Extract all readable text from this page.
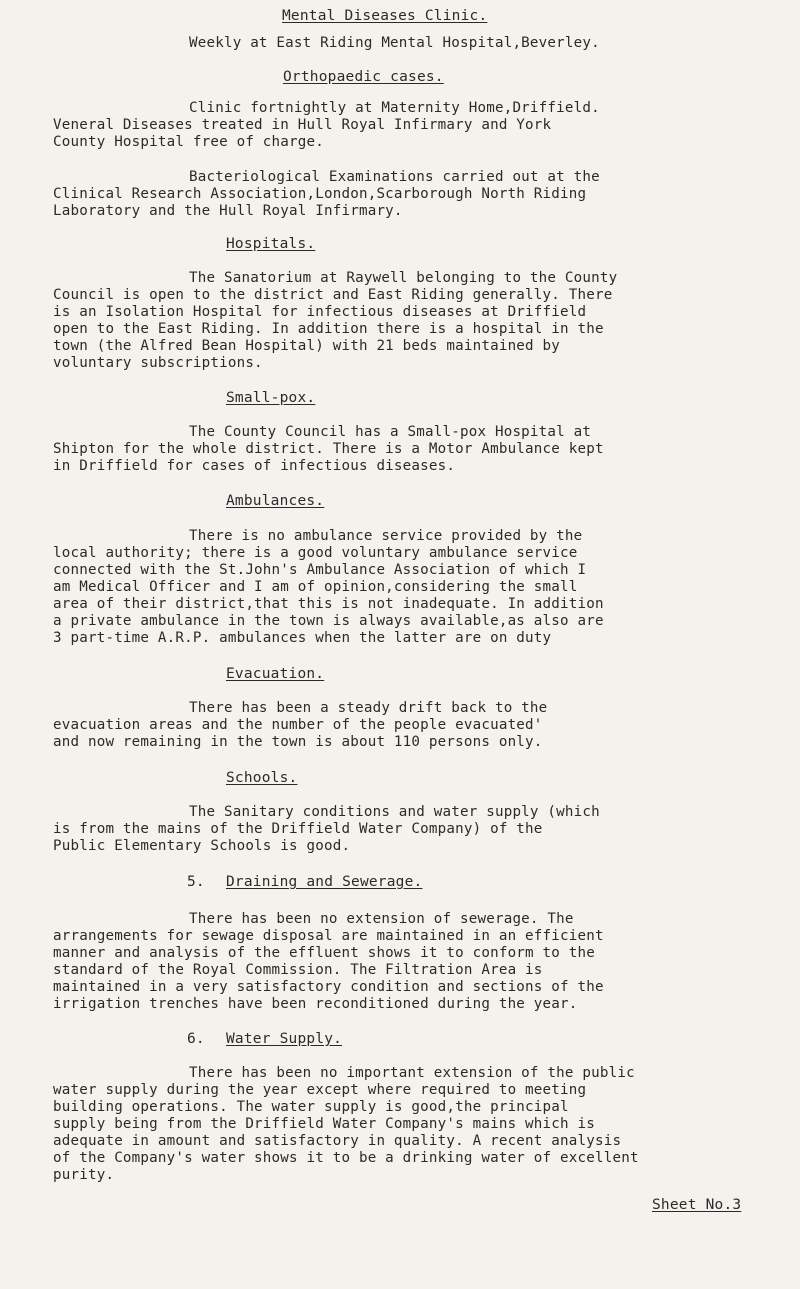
Mental Diseases Clinic.
Weekly at East Riding Mental Hospital,Beverley.
Orthopaedic cases.
Clinic fortnightly at Maternity Home,Driffield.
Veneral Diseases treated in Hull Royal Infirmary and York
County Hospital free of charge.
Bacteriological Examinations carried out at the
Clinical Research Association,London,Scarborough North Riding
Laboratory and the Hull Royal Infirmary.
Hospitals.
The Sanatorium at Raywell belonging to the County
Council is open to the district and East Riding generally. There
is an Isolation Hospital for infectious diseases at Driffield
open to the East Riding. In addition there is a hospital in the
town (the Alfred Bean Hospital) with 21 beds maintained by
voluntary subscriptions.
Small-pox.
The County Council has a Small-pox Hospital at
Shipton for the whole district. There is a Motor Ambulance kept
in Driffield for cases of infectious diseases.
Ambulances.
There is no ambulance service provided by the
local authority; there is a good voluntary ambulance service
connected with the St.John's Ambulance Association of which I
am Medical Officer and I am of opinion,considering the small
area of their district,that this is not inadequate. In addition
a private ambulance in the town is always available,as also are
3 part-time A.R.P. ambulances when the latter are on duty
Evacuation.
There has been a steady drift back to the
evacuation areas and the number of the people evacuated'
and now remaining in the town is about 110 persons only.
Schools.
The Sanitary conditions and water supply (which
is from the mains of the Driffield Water Company) of the
Public Elementary Schools is good.
5. Draining and Sewerage.
There has been no extension of sewerage. The
arrangements for sewage disposal are maintained in an efficient
manner and analysis of the effluent shows it to conform to the
standard of the Royal Commission. The Filtration Area is
maintained in a very satisfactory condition and sections of the
irrigation trenches have been reconditioned during the year.
6. Water Supply.
There has been no important extension of the public
water supply during the year except where required to meeting
building operations. The water supply is good,the principal
supply being from the Driffield Water Company's mains which is
adequate in amount and satisfactory in quality. A recent analysis
of the Company's water shows it to be a drinking water of excellent
purity.
Sheet No.3
